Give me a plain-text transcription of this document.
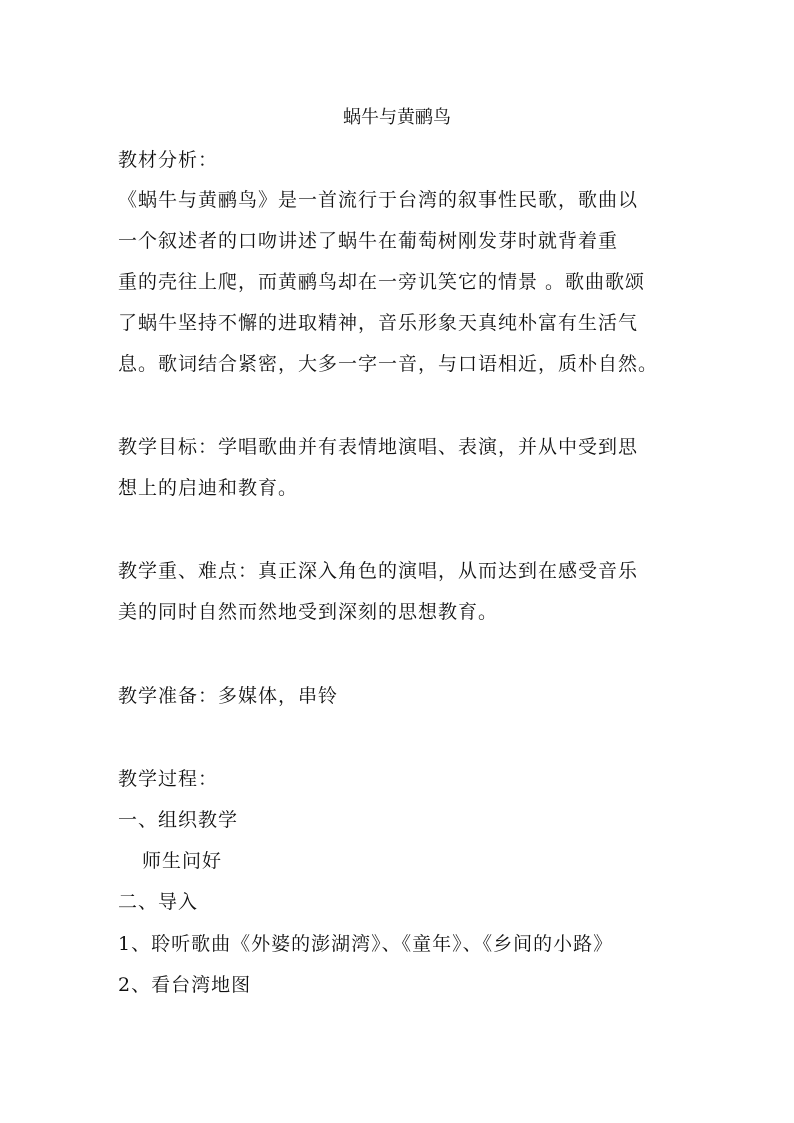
蜗牛与黄鹂鸟
教材分析：
《蜗牛与黄鹂鸟》是一首流行于台湾的叙事性民歌，歌曲以
一个叙述者的口吻讲述了蜗牛在葡萄树刚发芽时就背着重
重的壳往上爬，而黄鹂鸟却在一旁讥笑它的情景 。歌曲歌颂
了蜗牛坚持不懈的进取精神，音乐形象天真纯朴富有生活气
息。歌词结合紧密，大多一字一音，与口语相近，质朴自然。
教学目标：学唱歌曲并有表情地演唱、表演，并从中受到思
想上的启迪和教育。
教学重、难点：真正深入角色的演唱，从而达到在感受音乐
美的同时自然而然地受到深刻的思想教育。
教学准备：多媒体，串铃
教学过程：
一、组织教学
师生问好
二、导入
1、聆听歌曲《外婆的澎湖湾》、《童年》、《乡间的小路》
2、看台湾地图
